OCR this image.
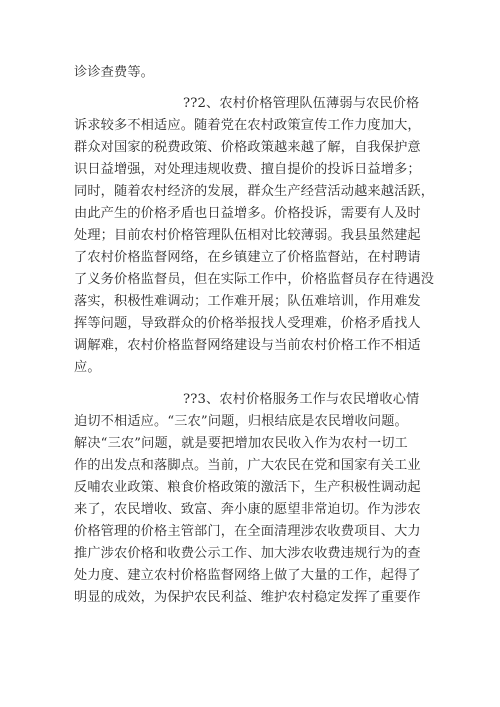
诊诊查费等。
??2、农村价格管理队伍薄弱与农民价格
诉求较多不相适应。随着党在农村政策宣传工作力度加大，
群众对国家的税费政策、价格政策越来越了解，自我保护意
识日益增强，对处理违规收费、擅自提价的投诉日益增多；
同时，随着农村经济的发展，群众生产经营活动越来越活跃，
由此产生的价格矛盾也日益增多。价格投诉，需要有人及时
处理；目前农村价格管理队伍相对比较薄弱。我县虽然建起
了农村价格监督网络，在乡镇建立了价格监督站，在村聘请
了义务价格监督员，但在实际工作中，价格监督员存在待遇没
落实，积极性难调动；工作难开展；队伍难培训，作用难发
挥等问题，导致群众的价格举报找人受理难，价格矛盾找人
调解难，农村价格监督网络建设与当前农村价格工作不相适
应。
??3、农村价格服务工作与农民增收心情
迫切不相适应。“三农”问题，归根结底是农民增收问题。
解决“三农”问题，就是要把增加农民收入作为农村一切工
作的出发点和落脚点。当前，广大农民在党和国家有关工业
反哺农业政策、粮食价格政策的激活下，生产积极性调动起
来了，农民增收、致富、奔小康的愿望非常迫切。作为涉农
价格管理的价格主管部门，在全面清理涉农收费项目、大力
推广涉农价格和收费公示工作、加大涉农收费违规行为的查
处力度、建立农村价格监督网络上做了大量的工作，起得了
明显的成效，为保护农民利益、维护农村稳定发挥了重要作
